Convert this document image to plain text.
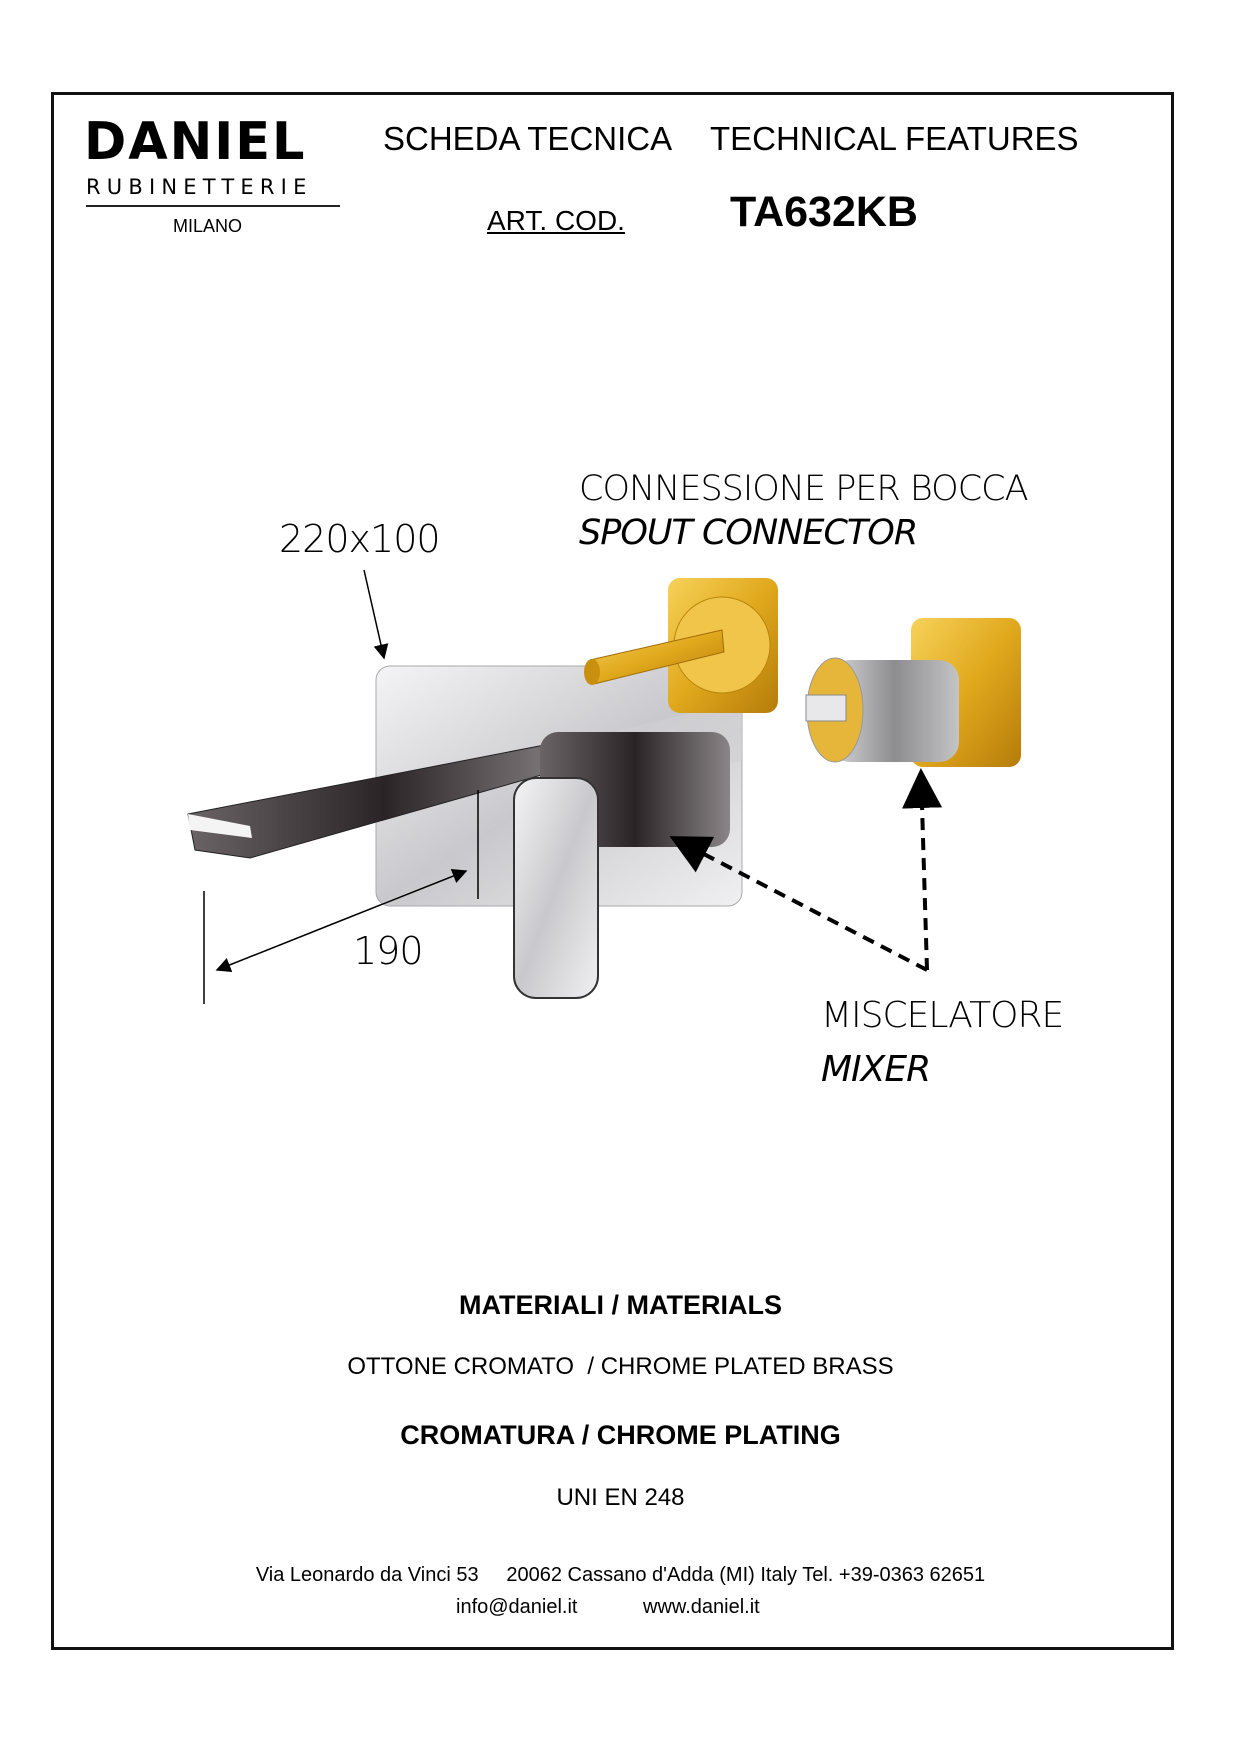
DANIEL
RUBINETTERIE
MILANO
SCHEDA TECNICA TECHNICAL FEATURES
ART. COD. TA632KB
220x100
CONNESSIONE PER BOCCA
SPOUT CONNECTOR
190
MISCELATORE
MIXER
MATERIALI / MATERIALS
OTTONE CROMATO  / CHROME PLATED BRASS
CROMATURA / CHROME PLATING
UNI EN 248
Via Leonardo da Vinci 53     20062 Cassano d'Adda (MI) Italy Tel. +39-0363 62651
info@daniel.it	www.daniel.it
